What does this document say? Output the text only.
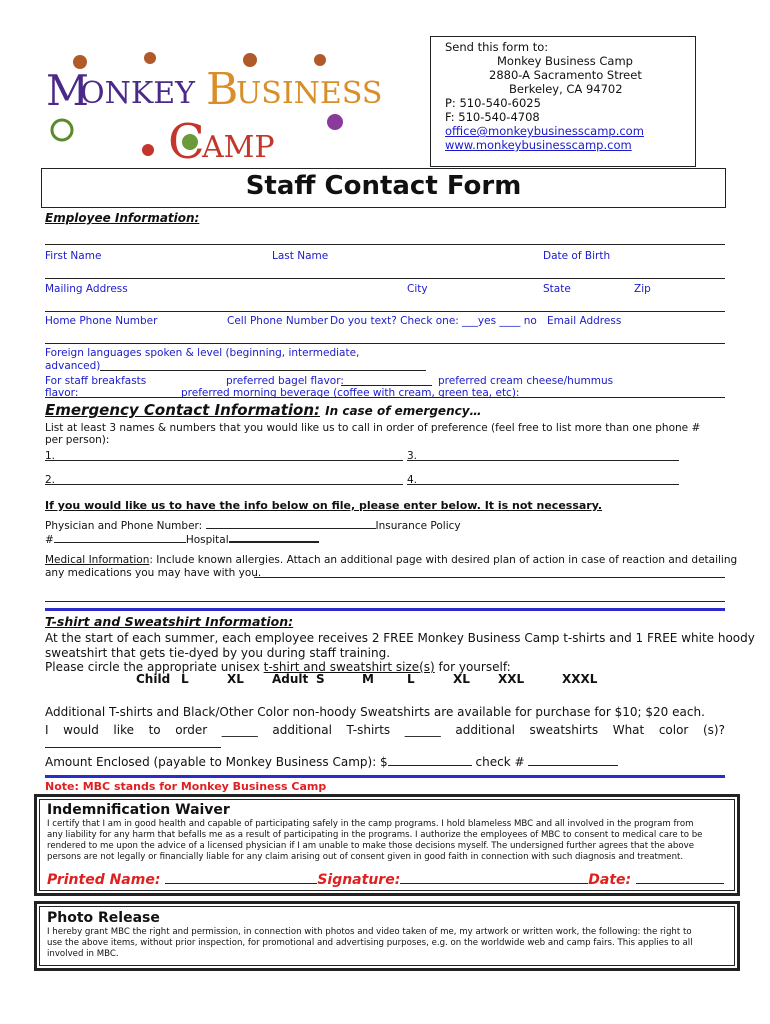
M
ONKEY B
USINESS
C
AMP
Send this form to:
Monkey Business Camp
2880-A Sacramento Street
Berkeley, CA 94702
P: 510-540-6025
F: 510-540-4708
office@monkeybusinesscamp.com
www.monkeybusinesscamp.com
Staff Contact Form
Employee Information:
First Name	Last Name	Date of Birth
Mailing Address	City	State	Zip
Home Phone Number	Cell Phone Number Do you text? Check one: ___yes ____ no Email Address
Foreign languages spoken & level (beginning, intermediate,
advanced)
For staff breakfasts	preferred bagel flavor:	preferred cream cheese/hummus
flavor:	preferred morning beverage (coffee with cream, green tea, etc):
Emergency Contact Information: In case of emergency…
List at least 3 names & numbers that you would like us to call in order of preference (feel free to list more than one phone # per person):
1.	3.
2.	4.
If you would like us to have the info below on file, please enter below. It is not necessary.
Physician and Phone Number:	Insurance Policy
#	Hospital
Medical Information: Include known allergies. Attach an additional page with desired plan of action in case of reaction and detailing
any medications you may have with you.
T-shirt and Sweatshirt Information:
At the start of each summer, each employee receives 2 FREE Monkey Business Camp t-shirts and 1 FREE white hoody
sweatshirt that gets tie-dyed by you during staff training.
Please circle the appropriate unisex t-shirt and sweatshirt size(s) for yourself:
Child L	XL Adult S	M	L	XL XXL	XXXL
Additional T-shirts and Black/Other Color non-hoody Sweatshirts are available for purchase for $10; $20 each.
I would like to order ______ additional T-shirts ______ additional sweatshirts What color (s)?
Amount Enclosed (payable to Monkey Business Camp): $	check #
Note: MBC stands for Monkey Business Camp
Indemnification Waiver
I certify that I am in good health and capable of participating safely in the camp programs. I hold blameless MBC and all involved in the program from
any liability for any harm that befalls me as a result of participating in the programs. I authorize the employees of MBC to consent to medical care to be
rendered to me upon the advice of a licensed physician if I am unable to make those decisions myself. The undersigned further agrees that the above
persons are not legally or financially liable for any claim arising out of consent given in good faith in connection with such diagnosis and treatment.
Printed Name:	Signature:	Date:
Photo Release
I hereby grant MBC the right and permission, in connection with photos and video taken of me, my artwork or written work, the following: the right to
use the above items, without prior inspection, for promotional and advertising purposes, e.g. on the worldwide web and camp fairs. This applies to all
involved in MBC.
